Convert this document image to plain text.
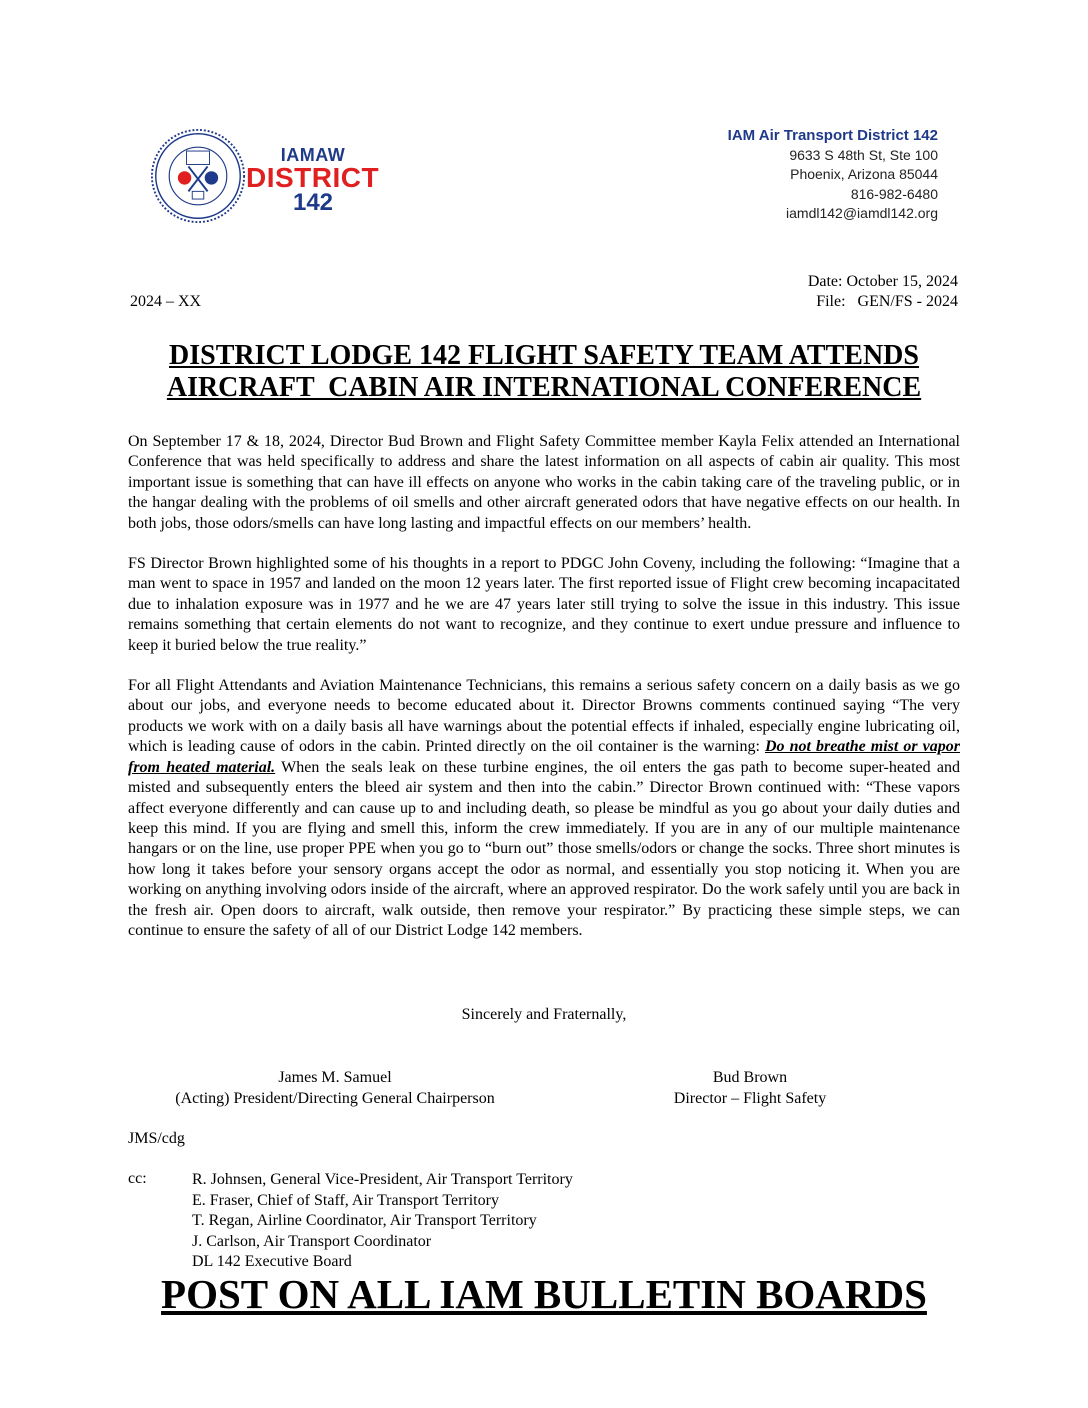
IAMAW
DISTRICT
142
IAM Air Transport District 142
9633 S 48th St, Ste 100
Phoenix, Arizona 85044
816-982-6480
iamdl142@iamdl142.org
Date: October 15, 2024
File:   GEN/FS - 2024
2024 – XX
DISTRICT LODGE 142 FLIGHT SAFETY TEAM ATTENDS
AIRCRAFT  CABIN AIR INTERNATIONAL CONFERENCE

On September 17 & 18, 2024, Director Bud Brown and Flight Safety Committee member Kayla Felix attended an International Conference that was held specifically to address and share the latest information on all aspects of cabin air quality. This most important issue is something that can have ill effects on anyone who works in the cabin taking care of the traveling public, or in the hangar dealing with the problems of oil smells and other aircraft generated odors that have negative effects on our health. In both jobs, those odors/smells can have long lasting and impactful effects on our members’ health.

FS Director Brown highlighted some of his thoughts in a report to PDGC John Coveny, including the following: “Imagine that a man went to space in 1957 and landed on the moon 12 years later. The first reported issue of Flight crew becoming incapacitated due to inhalation exposure was in 1977 and he we are 47 years later still trying to solve the issue in this industry. This issue remains something that certain elements do not want to recognize, and they continue to exert undue pressure and influence to keep it buried below the true reality.”

For all Flight Attendants and Aviation Maintenance Technicians, this remains a serious safety concern on a daily basis as we go about our jobs, and everyone needs to become educated about it. Director Browns comments continued saying “The very products we work with on a daily basis all have warnings about the potential effects if inhaled, especially engine lubricating oil, which is leading cause of odors in the cabin. Printed directly on the oil container is the warning: Do not breathe mist or vapor from heated material. When the seals leak on these turbine engines, the oil enters the gas path to become super-heated and misted and subsequently enters the bleed air system and then into the cabin.” Director Brown continued with: “These vapors affect everyone differently and can cause up to and including death, so please be mindful as you go about your daily duties and keep this mind. If you are flying and smell this, inform the crew immediately. If you are in any of our multiple maintenance hangars or on the line, use proper PPE when you go to “burn out” those smells/odors or change the socks. Three short minutes is how long it takes before your sensory organs accept the odor as normal, and essentially you stop noticing it. When you are working on anything involving odors inside of the aircraft, where an approved respirator. Do the work safely until you are back in the fresh air. Open doors to aircraft, walk outside, then remove your respirator.” By practicing these simple steps, we can continue to ensure the safety of all of our District Lodge 142 members.

Sincerely and Fraternally,
James M. Samuel
(Acting) President/Directing General Chairperson
Bud Brown
Director – Flight Safety
JMS/cdg
cc:	R. Johnsen, General Vice-President, Air Transport Territory
E. Fraser, Chief of Staff, Air Transport Territory
T. Regan, Airline Coordinator, Air Transport Territory
J. Carlson, Air Transport Coordinator
DL 142 Executive Board
POST ON ALL IAM BULLETIN BOARDS
